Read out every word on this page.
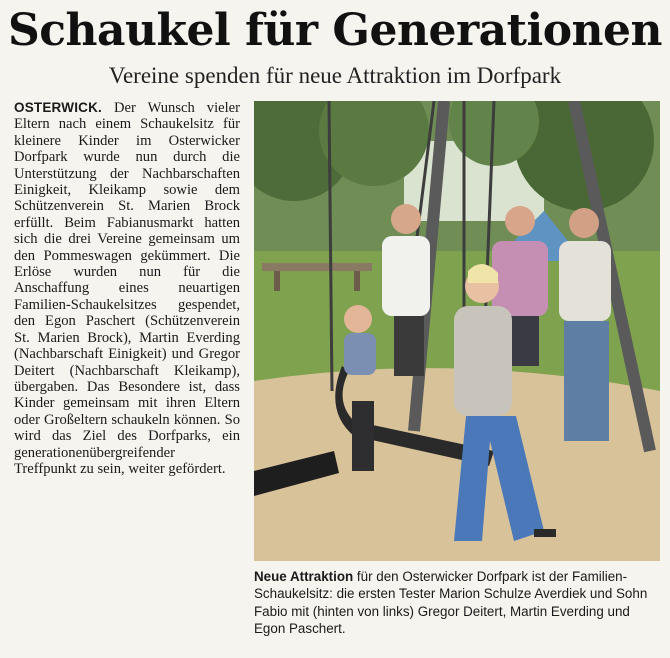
Schaukel für Generationen
Vereine spenden für neue Attraktion im Dorfpark
OSTERWICK. Der Wunsch vieler Eltern nach einem Schaukelsitz für kleinere Kinder im Osterwicker Dorfpark wurde nun durch die Unterstützung der Nachbarschaften Einigkeit, Kleikamp sowie dem Schützenverein St. Marien Brock erfüllt. Beim Fabianusmarkt hatten sich die drei Vereine gemeinsam um den Pommeswagen gekümmert. Die Erlöse wurden nun für die Anschaffung eines neuartigen Familien-Schaukelsitzes gespendet, den Egon Paschert (Schützenverein St. Marien Brock), Martin Everding (Nachbarschaft Einigkeit) und Gregor Deitert (Nachbarschaft Kleikamp), übergaben. Das Besondere ist, dass Kinder gemeinsam mit ihren Eltern oder Großeltern schaukeln können. So wird das Ziel des Dorfparks, ein generationenübergreifender Treffpunkt zu sein, weiter gefördert.
Neue Attraktion für den Osterwicker Dorfpark ist der Familien-Schaukelsitz: die ersten Tester Marion Schulze Averdiek und Sohn Fabio mit (hinten von links) Gregor Deitert, Martin Everding und Egon Paschert.
